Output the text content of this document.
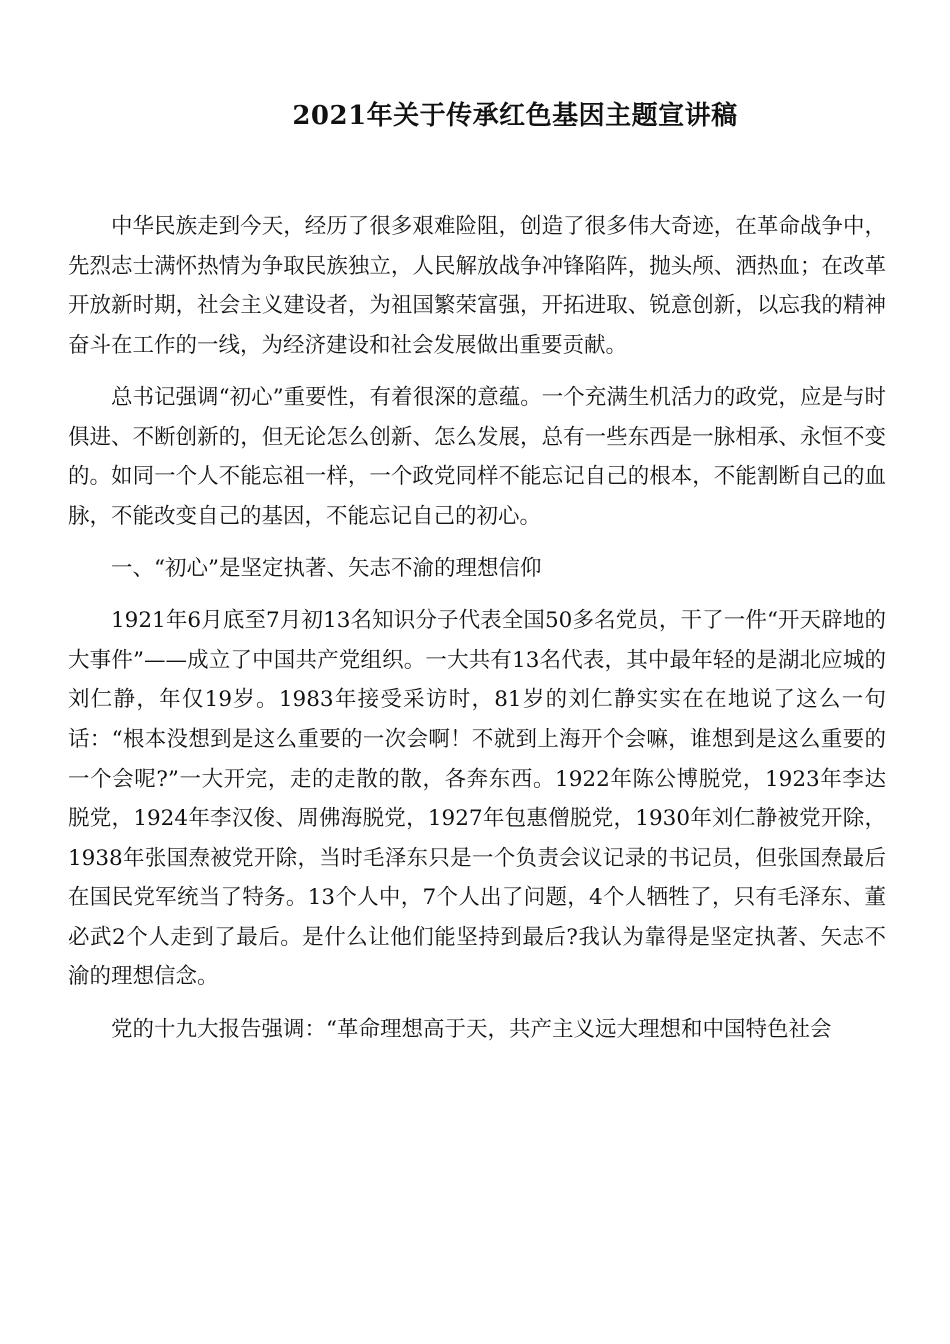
2021年关于传承红色基因主题宣讲稿

中华民族走到今天，经历了很多艰难险阻，创造了很多伟大奇迹，在革命战争中，先烈志士满怀热情为争取民族独立，人民解放战争冲锋陷阵，抛头颅、洒热血；在改革开放新时期，社会主义建设者，为祖国繁荣富强，开拓进取、锐意创新，以忘我的精神奋斗在工作的一线，为经济建设和社会发展做出重要贡献。

总书记强调“初心”重要性，有着很深的意蕴。一个充满生机活力的政党，应是与时俱进、不断创新的，但无论怎么创新、怎么发展，总有一些东西是一脉相承、永恒不变的。如同一个人不能忘祖一样，一个政党同样不能忘记自己的根本，不能割断自己的血脉，不能改变自己的基因，不能忘记自己的初心。

一、“初心”是坚定执著、矢志不渝的理想信仰

1921年6月底至7月初13名知识分子代表全国50多名党员，干了一件“开天辟地的大事件”——成立了中国共产党组织。一大共有13名代表，其中最年轻的是湖北应城的刘仁静，年仅19岁。1983年接受采访时，81岁的刘仁静实实在在地说了这么一句话：“根本没想到是这么重要的一次会啊！不就到上海开个会嘛，谁想到是这么重要的一个会呢?”一大开完，走的走散的散，各奔东西。1922年陈公博脱党，1923年李达脱党，1924年李汉俊、周佛海脱党，1927年包惠僧脱党，1930年刘仁静被党开除，1938年张国焘被党开除，当时毛泽东只是一个负责会议记录的书记员，但张国焘最后在国民党军统当了特务。13个人中，7个人出了问题，4个人牺牲了，只有毛泽东、董必武2个人走到了最后。是什么让他们能坚持到最后?我认为靠得是坚定执著、矢志不渝的理想信念。

党的十九大报告强调：“革命理想高于天，共产主义远大理想和中国特色社会
